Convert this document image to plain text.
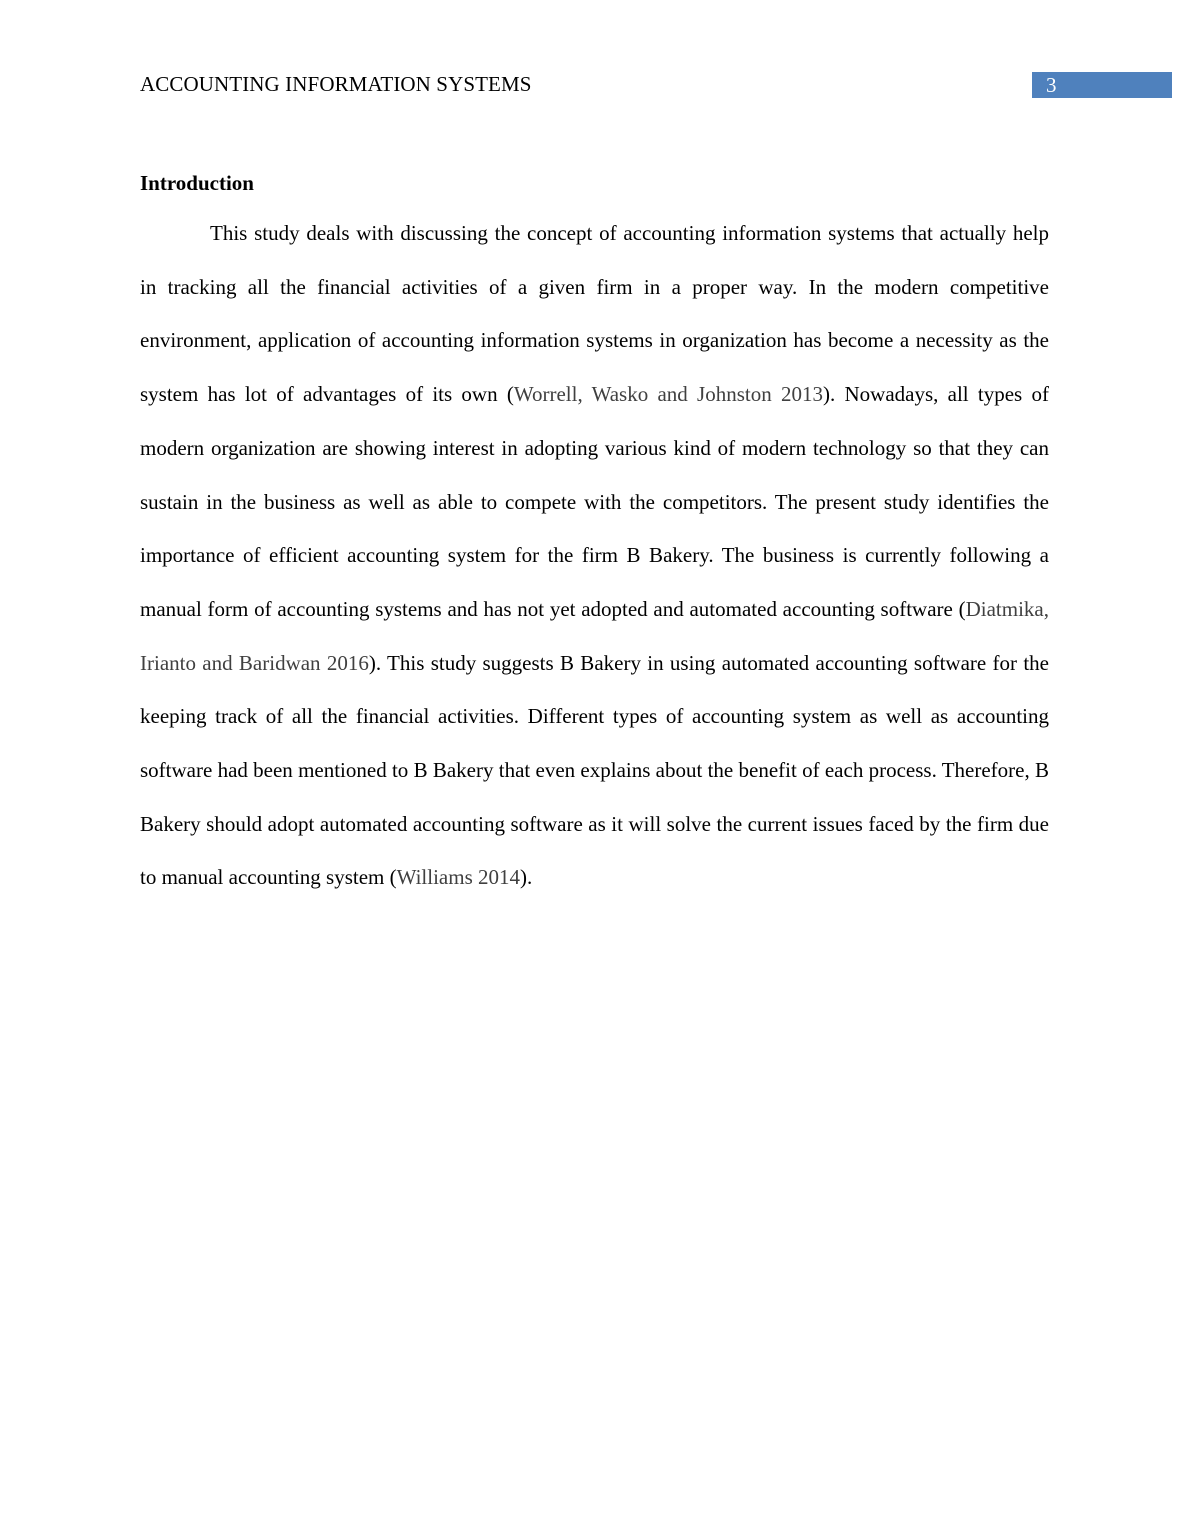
ACCOUNTING INFORMATION SYSTEMS	3
Introduction

This study deals with discussing the concept of accounting information systems that actually help in tracking all the financial activities of a given firm in a proper way. In the modern competitive environment, application of accounting information systems in organization has become a necessity as the system has lot of advantages of its own (Worrell, Wasko and Johnston 2013). Nowadays, all types of modern organization are showing interest in adopting various kind of modern technology so that they can sustain in the business as well as able to compete with the competitors. The present study identifies the importance of efficient accounting system for the firm B Bakery. The business is currently following a manual form of accounting systems and has not yet adopted and automated accounting software (Diatmika, Irianto and Baridwan 2016). This study suggests B Bakery in using automated accounting software for the keeping track of all the financial activities. Different types of accounting system as well as accounting software had been mentioned to B Bakery that even explains about the benefit of each process. Therefore, B Bakery should adopt automated accounting software as it will solve the current issues faced by the firm due to manual accounting system (Williams 2014).
